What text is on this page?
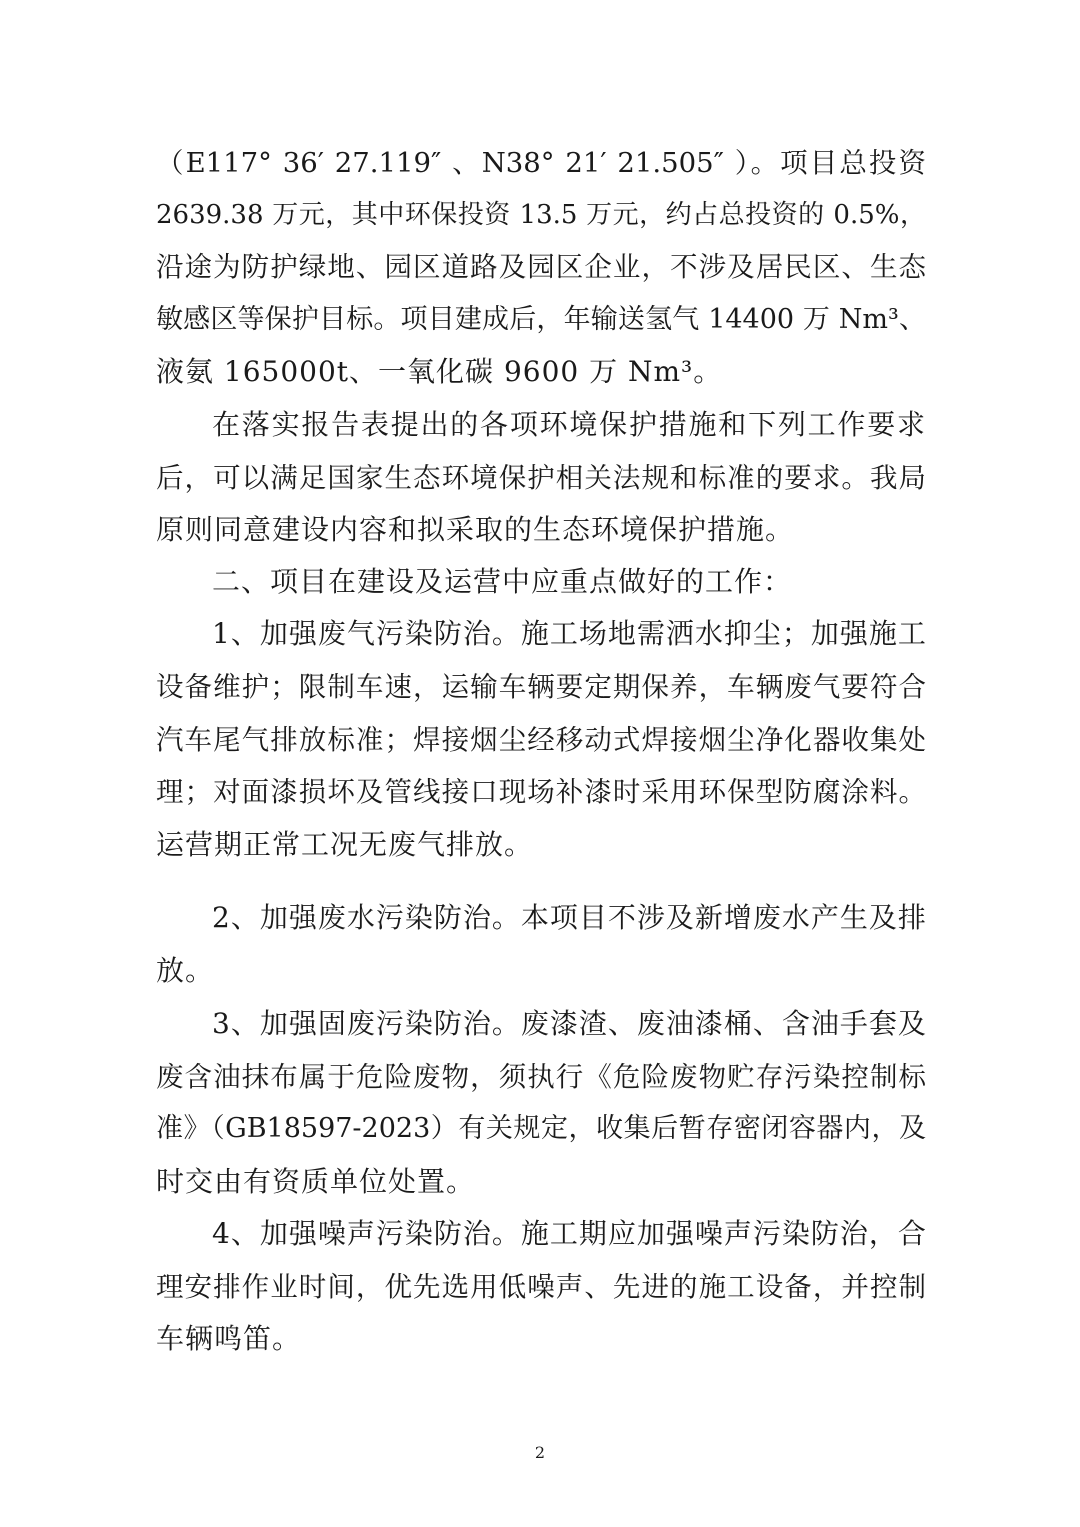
（E117° 36′ 27.119″ 、N38° 21′ 21.505″ ）。项目总投资
2639.38 万元，其中环保投资 13.5 万元，约占总投资的 0.5%，
沿途为防护绿地、园区道路及园区企业，不涉及居民区、生态
敏感区等保护目标。项目建成后，年输送氢气 14400 万 Nm³、
液氨 165000t、一氧化碳 9600 万 Nm³。
在落实报告表提出的各项环境保护措施和下列工作要求
后，可以满足国家生态环境保护相关法规和标准的要求。我局
原则同意建设内容和拟采取的生态环境保护措施。
二、项目在建设及运营中应重点做好的工作：
1、加强废气污染防治。施工场地需洒水抑尘；加强施工
设备维护；限制车速，运输车辆要定期保养，车辆废气要符合
汽车尾气排放标准；焊接烟尘经移动式焊接烟尘净化器收集处
理；对面漆损坏及管线接口现场补漆时采用环保型防腐涂料。
运营期正常工况无废气排放。
2、加强废水污染防治。本项目不涉及新增废水产生及排
放。
3、加强固废污染防治。废漆渣、废油漆桶、含油手套及
废含油抹布属于危险废物，须执行《危险废物贮存污染控制标
准》（GB18597-2023）有关规定，收集后暂存密闭容器内，及
时交由有资质单位处置。
4、加强噪声污染防治。施工期应加强噪声污染防治，合
理安排作业时间，优先选用低噪声、先进的施工设备，并控制
车辆鸣笛。
2
